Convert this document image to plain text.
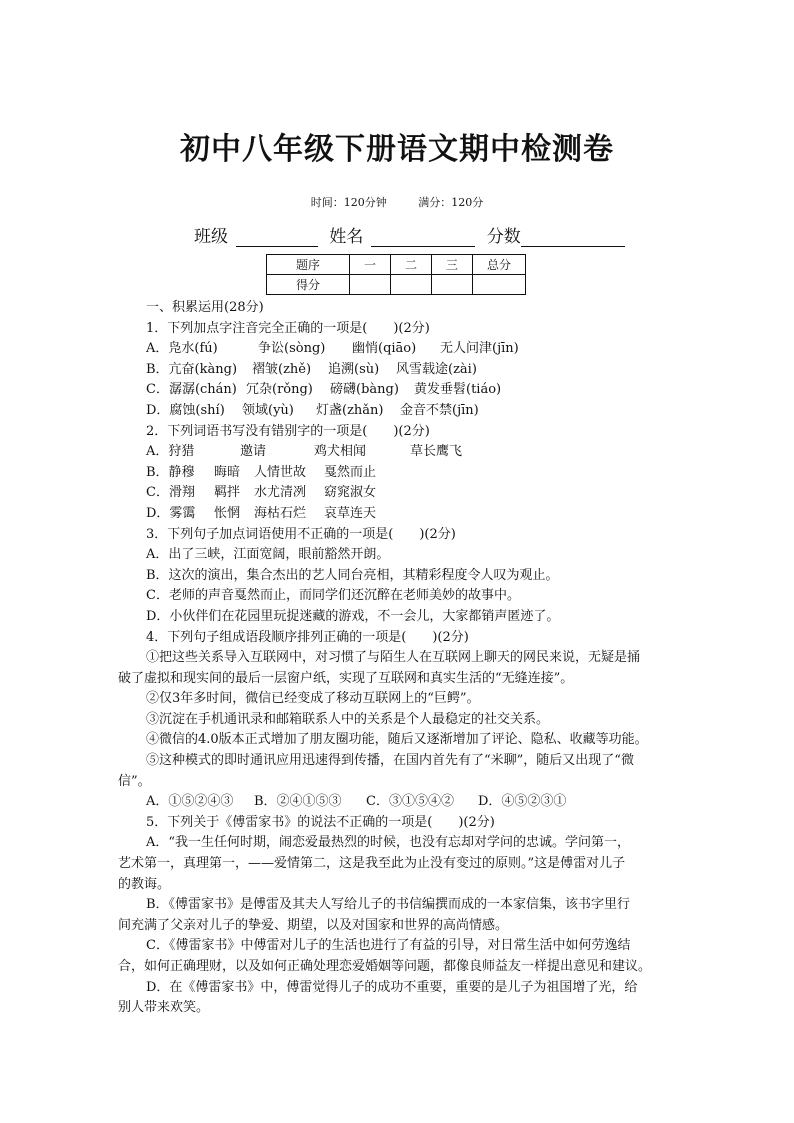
初中八年级下册语文期中检测卷
时间：120分钟	满分：120分
班级	姓名	分数
题序	一	二	三	总分
得分				
一、积累运用(28分)
1．下列加点字注音完全正确的一项是(　　)(2分)
A．凫水(fú)	争讼(sòng) 幽悄(qiāo) 无人问津(jīn)
B．亢奋(kàng) 褶皱(zhě) 追溯(sù) 风雪载途(zài)
C．潺潺(chán) 冗杂(rǒng) 磅礴(bàng) 黄发垂髫(tiáo)
D．腐蚀(shí) 领域(yù) 灯盏(zhǎn) 金音不禁(jīn)
2．下列词语书写没有错别字的一项是(　　)(2分)
A．狩猎	邀请	鸡犬相闻	草长鹰飞
B．静穆 晦暗 人情世故 戛然而止
C．滑翔 羁拌 水尤清冽 窈窕淑女
D．雾霭 怅惘 海枯石烂 哀草连天
3．下列句子加点词语使用不正确的一项是(　　)(2分)
A．出了三峡，江面宽阔，眼前豁然开朗。
B．这次的演出，集合杰出的艺人同台亮相，其精彩程度令人叹为观止。
C．老师的声音戛然而止，而同学们还沉醉在老师美妙的故事中。
D．小伙伴们在花园里玩捉迷藏的游戏，不一会儿，大家都销声匿迹了。
4．下列句子组成语段顺序排列正确的一项是(　　)(2分)
①把这些关系导入互联网中，对习惯了与陌生人在互联网上聊天的网民来说，无疑是捅
破了虚拟和现实间的最后一层窗户纸，实现了互联网和真实生活的“无缝连接”。
②仅3年多时间，微信已经变成了移动互联网上的“巨鳄”。
③沉淀在手机通讯录和邮箱联系人中的关系是个人最稳定的社交关系。
④微信的4.0版本正式增加了朋友圈功能，随后又逐渐增加了评论、隐私、收藏等功能。
⑤这种模式的即时通讯应用迅速得到传播，在国内首先有了“米聊”，随后又出现了“微
信”。
A．①⑤②④③ B．②④①⑤③ C．③①⑤④② D．④⑤②③①
5．下列关于《傅雷家书》的说法不正确的一项是(　　)(2分)
A．“我一生任何时期，闹恋爱最热烈的时候，也没有忘却对学问的忠诚。学问第一，
艺术第一，真理第一，——爱情第二，这是我至此为止没有变过的原则。”这是傅雷对儿子
的教诲。
B．《傅雷家书》是傅雷及其夫人写给儿子的书信编撰而成的一本家信集，该书字里行
间充满了父亲对儿子的挚爱、期望，以及对国家和世界的高尚情感。
C．《傅雷家书》中傅雷对儿子的生活也进行了有益的引导，对日常生活中如何劳逸结
合，如何正确理财，以及如何正确处理恋爱婚姻等问题，都像良师益友一样提出意见和建议。
D．在《傅雷家书》中，傅雷觉得儿子的成功不重要，重要的是儿子为祖国增了光，给
别人带来欢笑。
